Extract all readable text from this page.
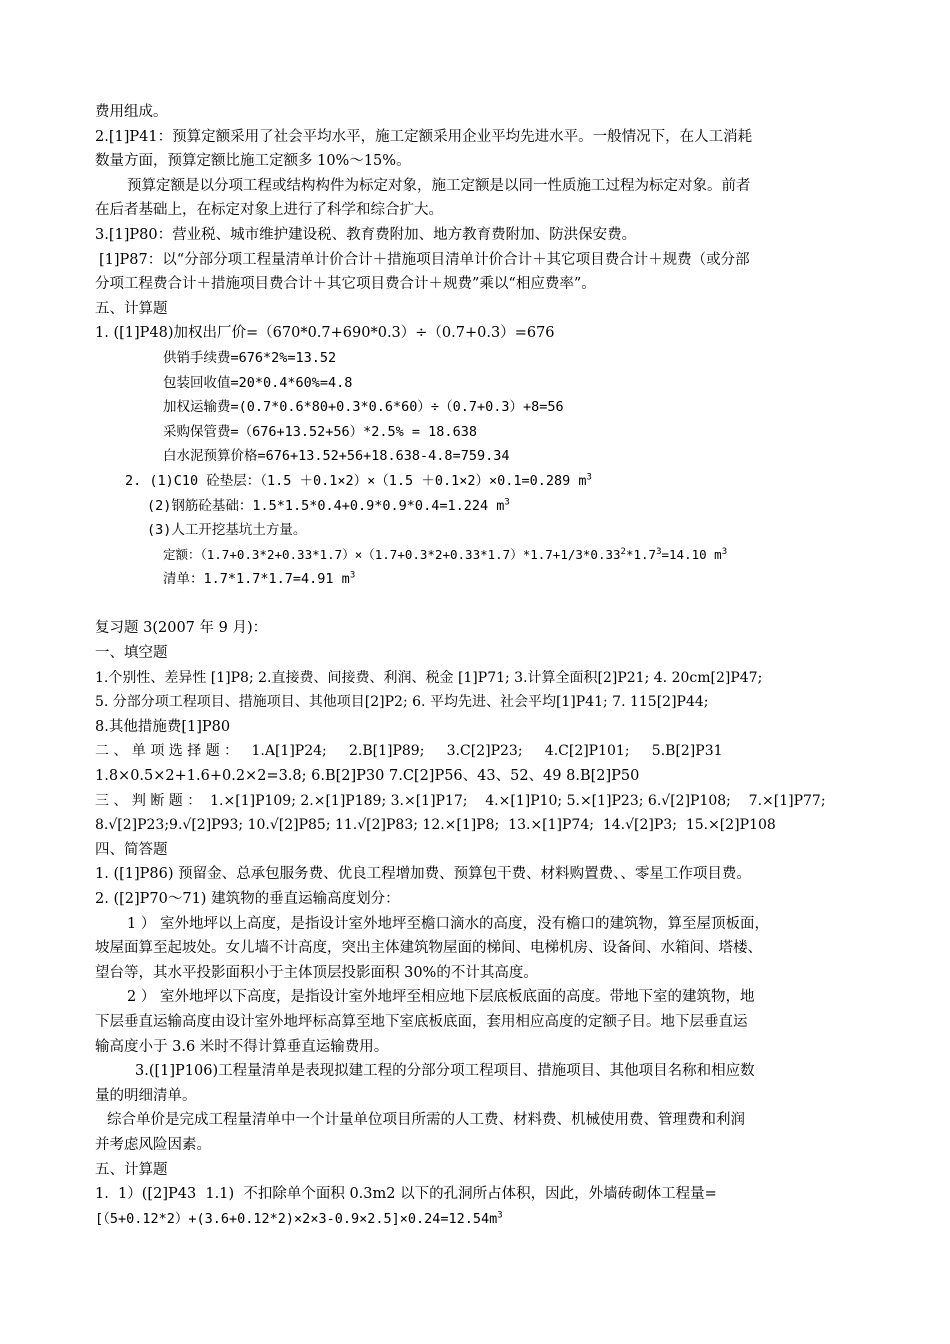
费用组成。
2.[1]P41：预算定额采用了社会平均水平，施工定额采用企业平均先进水平。一般情况下，在人工消耗
数量方面，预算定额比施工定额多 10%～15%。
预算定额是以分项工程或结构构件为标定对象，施工定额是以同一性质施工过程为标定对象。前者
在后者基础上，在标定对象上进行了科学和综合扩大。
3.[1]P80：营业税、城市维护建设税、教育费附加、地方教育费附加、防洪保安费。
[1]P87：以“分部分项工程量清单计价合计＋措施项目清单计价合计＋其它项目费合计＋规费（或分部
分项工程费合计＋措施项目费合计＋其它项目费合计＋规费”乘以“相应费率”。
五、计算题
1. ([1]P48)加权出厂价=（670*0.7+690*0.3）÷（0.7+0.3）=676
供销手续费=676*2%=13.52
包装回收值=20*0.4*60%=4.8
加权运输费=(0.7*0.6*80+0.3*0.6*60）÷（0.7+0.3）+8=56
采购保管费=（676+13.52+56）*2.5% = 18.638
白水泥预算价格=676+13.52+56+18.638-4.8=759.34
2. (1)C10 砼垫层：（1.5 ＋0.1×2）×（1.5 ＋0.1×2）×0.1=0.289 $m^3$
(2)钢筋砼基础：1.5*1.5*0.4+0.9*0.9*0.4=1.224 $m^3$
(3)人工开挖基坑土方量。
定额：$(1.7+0.3*2+0.33*1.7)\times(1.7+0.3*2+0.33*1.7)*1.7+1/3*0.33^2*1.7^3=14.10$ $m^3$
清单：1.7*1.7*1.7=4.91 $m^3$
复习题 3(2007 年 9 月)：
一、填空题
1.个别性、差异性 [1]P8; 2.直接费、间接费、利润、税金 [1]P71; 3.计算全面积[2]P21; 4. 20cm[2]P47;
5. 分部分项工程项目、措施项目、其他项目[2]P2; 6. 平均先进、社会平均[1]P41; 7. 115[2]P44;
8.其他措施费[1]P80
二 、 单 项 选 择 题 ：   1.A[1]P24;     2.B[1]P89;     3.C[2]P23;     4.C[2]P101;     5.B[2]P31
1.8×0.5×2+1.6+0.2×2=3.8; 6.B[2]P30 7.C[2]P56、43、52、49 8.B[2]P50
三 、 判 断 题 ：  1.×[1]P109; 2.×[1]P189; 3.×[1]P17;    4.×[1]P10; 5.×[1]P23; 6.√[2]P108;    7.×[1]P77;
8.√[2]P23;9.√[2]P93; 10.√[2]P85; 11.√[2]P83; 12.×[1]P8;  13.×[1]P74;  14.√[2]P3;  15.×[2]P108
四、简答题
1. ([1]P86) 预留金、总承包服务费、优良工程增加费、预算包干费、材料购置费、、零星工作项目费。
2. ([2]P70～71) 建筑物的垂直运输高度划分：
1 ） 室外地坪以上高度，是指设计室外地坪至檐口滴水的高度，没有檐口的建筑物，算至屋顶板面，
坡屋面算至起坡处。女儿墙不计高度，突出主体建筑物屋面的梯间、电梯机房、设备间、水箱间、塔楼、
望台等，其水平投影面积小于主体顶层投影面积 30%的不计其高度。
2 ） 室外地坪以下高度，是指设计室外地坪至相应地下层底板底面的高度。带地下室的建筑物，地
下层垂直运输高度由设计室外地坪标高算至地下室底板底面，套用相应高度的定额子目。地下层垂直运
输高度小于 3.6 米时不得计算垂直运输费用。
3.([1]P106)工程量清单是表现拟建工程的分部分项工程项目、措施项目、其他项目名称和相应数
量的明细清单。
综合单价是完成工程量清单中一个计量单位项目所需的人工费、材料费、机械使用费、管理费和利润
并考虑风险因素。
五、计算题
1.  1）([2]P43  1.1)  不扣除单个面积 0.3m2 以下的孔洞所占体积，因此，外墙砖砌体工程量=
$[(5+0.12*2)+(3.6+0.12*2)\times 2\times 3-0.9\times 2.5]\times 0.24=12.54m^3$
